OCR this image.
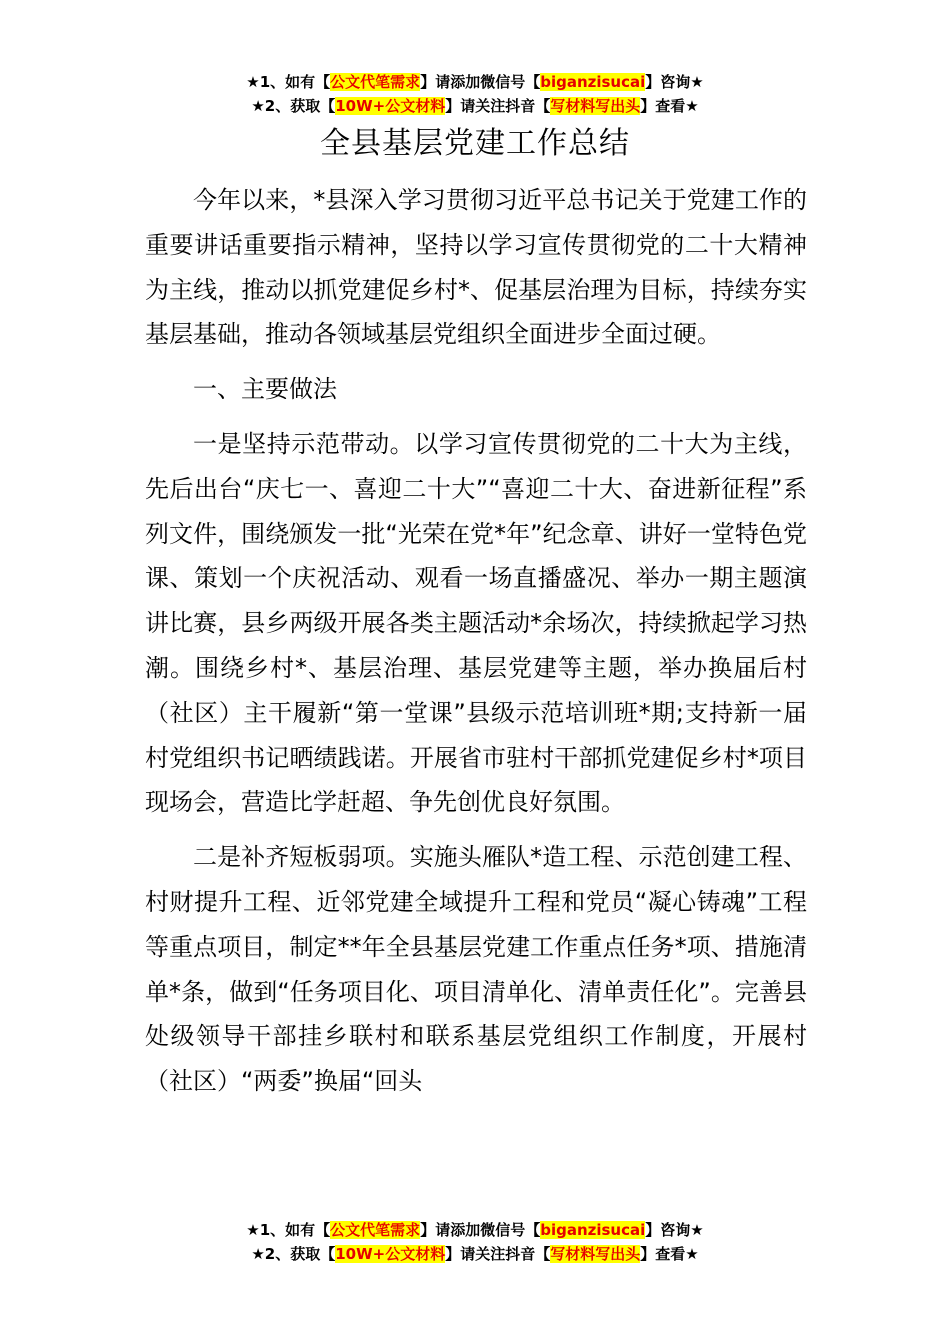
★1、如有【公文代笔需求】请添加微信号【biganzisucai】咨询★
★2、获取【10W+公文材料】请关注抖音【写材料写出头】查看★
全县基层党建工作总结

今年以来，*县深入学习贯彻习近平总书记关于党建工作的重要讲话重要指示精神，坚持以学习宣传贯彻党的二十大精神为主线，推动以抓党建促乡村*、促基层治理为目标，持续夯实基层基础，推动各领域基层党组织全面进步全面过硬。

一、主要做法

一是坚持示范带动。以学习宣传贯彻党的二十大为主线，先后出台“庆七一、喜迎二十大”“喜迎二十大、奋进新征程”系列文件，围绕颁发一批“光荣在党*年”纪念章、讲好一堂特色党课、策划一个庆祝活动、观看一场直播盛况、举办一期主题演讲比赛，县乡两级开展各类主题活动*余场次，持续掀起学习热潮。围绕乡村*、基层治理、基层党建等主题，举办换届后村（社区）主干履新“第一堂课”县级示范培训班*期;支持新一届村党组织书记晒绩践诺。开展省市驻村干部抓党建促乡村*项目现场会，营造比学赶超、争先创优良好氛围。

二是补齐短板弱项。实施头雁队*造工程、示范创建工程、村财提升工程、近邻党建全域提升工程和党员“凝心铸魂”工程等重点项目，制定**年全县基层党建工作重点任务*项、措施清单*条，做到“任务项目化、项目清单化、清单责任化”。完善县处级领导干部挂乡联村和联系基层党组织工作制度，开展村（社区）“两委”换届“回头

★1、如有【公文代笔需求】请添加微信号【biganzisucai】咨询★
★2、获取【10W+公文材料】请关注抖音【写材料写出头】查看★
